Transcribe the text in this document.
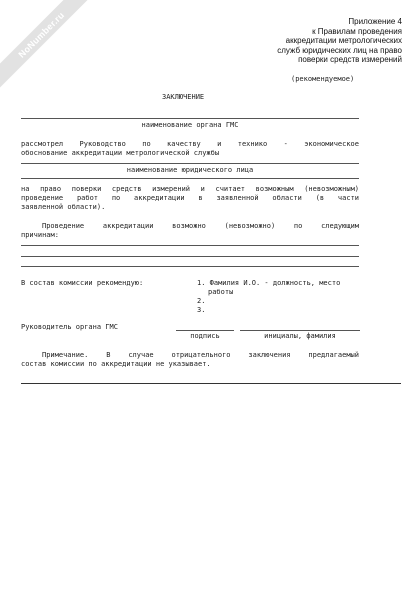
NoNumber.ru	Приложение 4
к Правилам проведения
аккредитации метрологических
служб юридических лиц на право
поверки средств измерений
(рекомендуемое)
ЗАКЛЮЧЕНИЕ
наименование органа ГМС
рассмотрел Руководство по качеству и технико - экономическое
обоснование аккредитации метрологической службы
наименование юридического лица
на право поверки средств измерений и считает возможным (невозможным)
проведение работ по аккредитации в заявленной области (в части
заявленной области).
Проведение аккредитации возможно (невозможно) по следующим
причинам:
В состав комиссии рекомендую:	1. Фамилия И.О. - должность, место
работы
2.
3.
Руководитель органа ГМС
подпись	инициалы, фамилия
Примечание. В случае отрицательного заключения предлагаемый
состав комиссии по аккредитации не указывает.
